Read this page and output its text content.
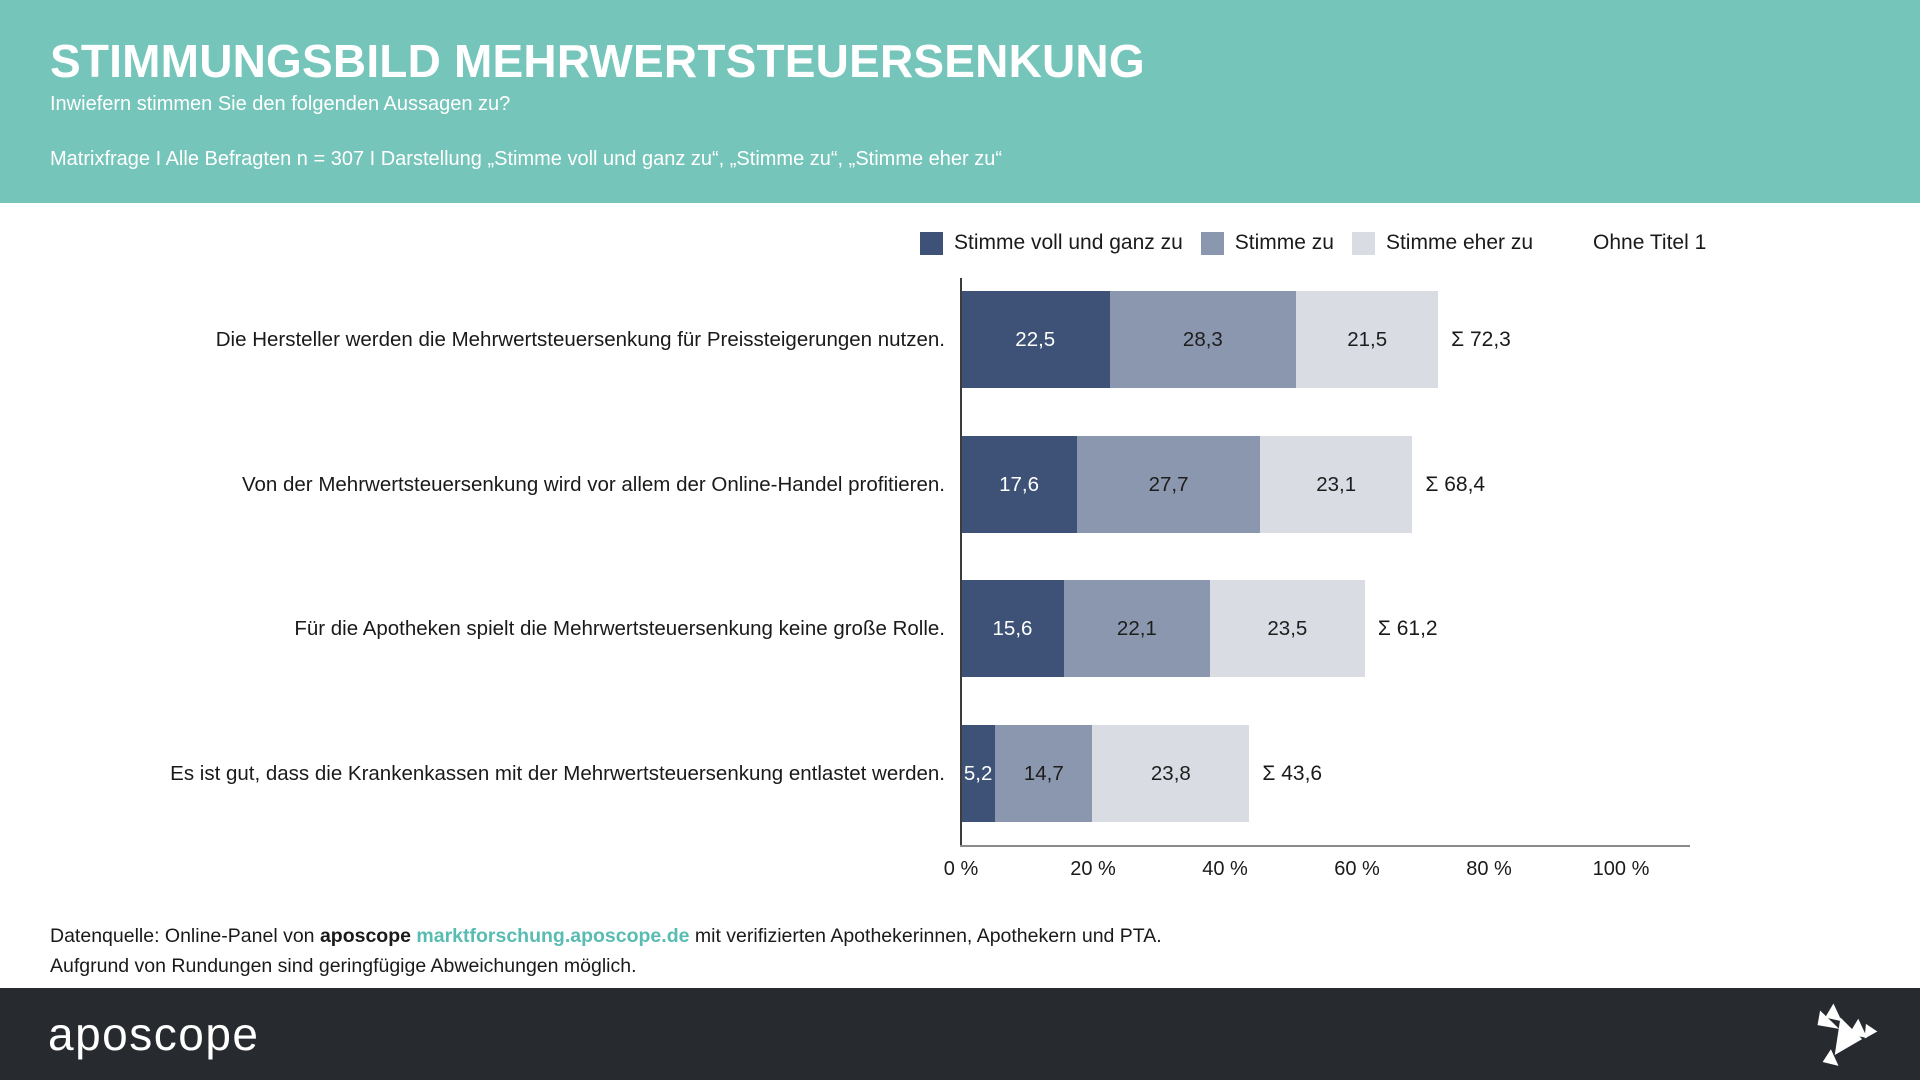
STIMMUNGSBILD MEHRWERTSTEUERSENKUNG
Inwiefern stimmen Sie den folgenden Aussagen zu?
Matrixfrage I Alle Befragten n = 307 I Darstellung „Stimme voll und ganz zu“, „Stimme zu“, „Stimme eher zu“
Stimme voll und ganz zu Stimme zu Stimme eher zu	Ohne Titel 1
Die Hersteller werden die Mehrwertsteuersenkung für Preissteigerungen nutzen.	22,5	28,3	21,5	Σ 72,3
Von der Mehrwertsteuersenkung wird vor allem der Online-Handel profitieren.	17,6	27,7	23,1	Σ 68,4
Für die Apotheken spielt die Mehrwertsteuersenkung keine große Rolle.	15,6	22,1	23,5	Σ 61,2
Es ist gut, dass die Krankenkassen mit der Mehrwertsteuersenkung entlastet werden. 5,2	14,7	23,8	Σ 43,6
0 %	20 %	40 %	60 %	80 %	100 %
Datenquelle: Online-Panel von aposcope marktforschung.aposcope.de mit verifizierten Apothekerinnen, Apothekern und PTA.
Aufgrund von Rundungen sind geringfügige Abweichungen möglich.
aposcope
